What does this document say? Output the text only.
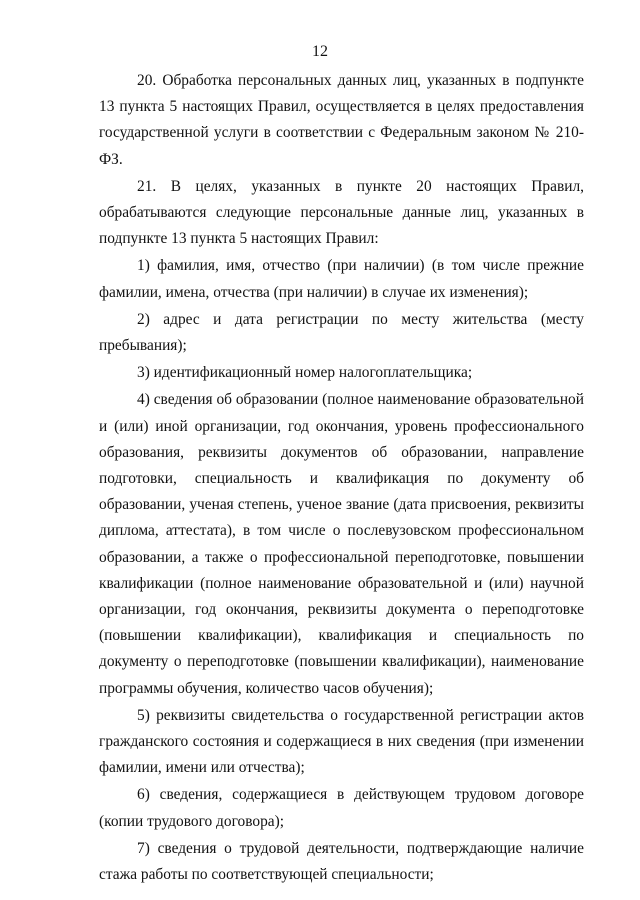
12

20. Обработка персональных данных лиц, указанных в подпункте 13 пункта 5 настоящих Правил, осуществляется в целях предоставления государственной услуги в соответствии с Федеральным законом № 210-ФЗ.

21. В целях, указанных в пункте 20 настоящих Правил, обрабатываются следующие персональные данные лиц, указанных в подпункте 13 пункта 5 настоящих Правил:

1) фамилия, имя, отчество (при наличии) (в том числе прежние фамилии, имена, отчества (при наличии) в случае их изменения);

2) адрес и дата регистрации по месту жительства (месту пребывания);

3) идентификационный номер налогоплательщика;

4) сведения об образовании (полное наименование образовательной и (или) иной организации, год окончания, уровень профессионального образования, реквизиты документов об образовании, направление подготовки, специальность и квалификация по документу об образовании, ученая степень, ученое звание (дата присвоения, реквизиты диплома, аттестата), в том числе о послевузовском профессиональном образовании, а также о профессиональной переподготовке, повышении квалификации (полное наименование образовательной и (или) научной организации, год окончания, реквизиты документа о переподготовке (повышении квалификации), квалификация и специальность по документу о переподготовке (повышении квалификации), наименование программы обучения, количество часов обучения);

5) реквизиты свидетельства о государственной регистрации актов гражданского состояния и содержащиеся в них сведения (при изменении фамилии, имени или отчества);

6) сведения, содержащиеся в действующем трудовом договоре (копии трудового договора);

7) сведения о трудовой деятельности, подтверждающие наличие стажа работы по соответствующей специальности;
